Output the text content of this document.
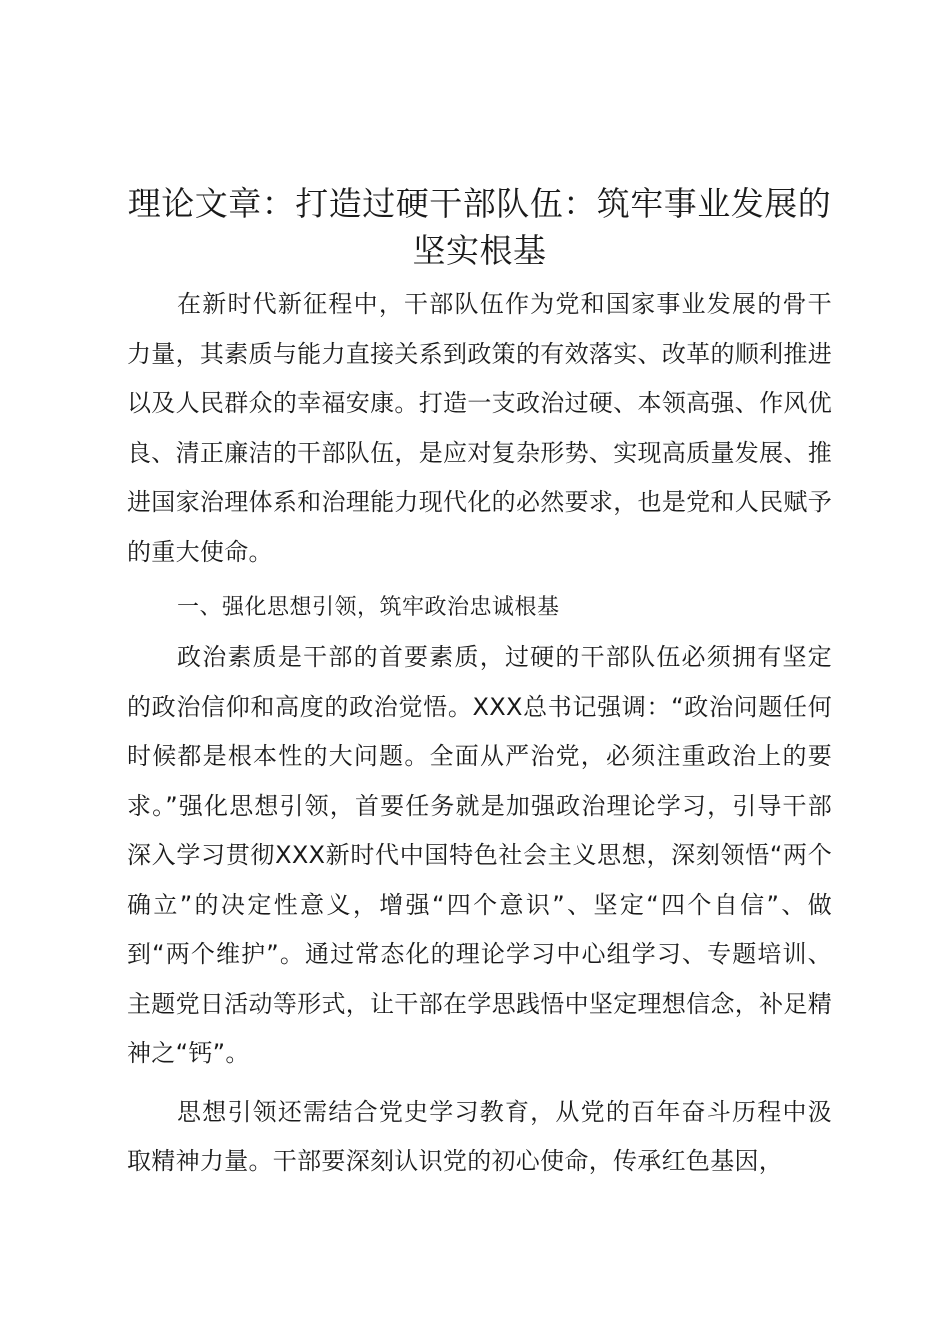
理论文章：打造过硬干部队伍：筑牢事业发展的坚实根基

在新时代新征程中，干部队伍作为党和国家事业发展的骨干力量，其素质与能力直接关系到政策的有效落实、改革的顺利推进以及人民群众的幸福安康。打造一支政治过硬、本领高强、作风优良、清正廉洁的干部队伍，是应对复杂形势、实现高质量发展、推进国家治理体系和治理能力现代化的必然要求，也是党和人民赋予的重大使命。

一、强化思想引领，筑牢政治忠诚根基

政治素质是干部的首要素质，过硬的干部队伍必须拥有坚定的政治信仰和高度的政治觉悟。XXX总书记强调：“政治问题任何时候都是根本性的大问题。全面从严治党，必须注重政治上的要求。”强化思想引领，首要任务就是加强政治理论学习，引导干部深入学习贯彻XXX新时代中国特色社会主义思想，深刻领悟“两个确立”的决定性意义，增强“四个意识”、坚定“四个自信”、做到“两个维护”。通过常态化的理论学习中心组学习、专题培训、主题党日活动等形式，让干部在学思践悟中坚定理想信念，补足精神之“钙”。

思想引领还需结合党史学习教育，从党的百年奋斗历程中汲取精神力量。干部要深刻认识党的初心使命，传承红色基因，
